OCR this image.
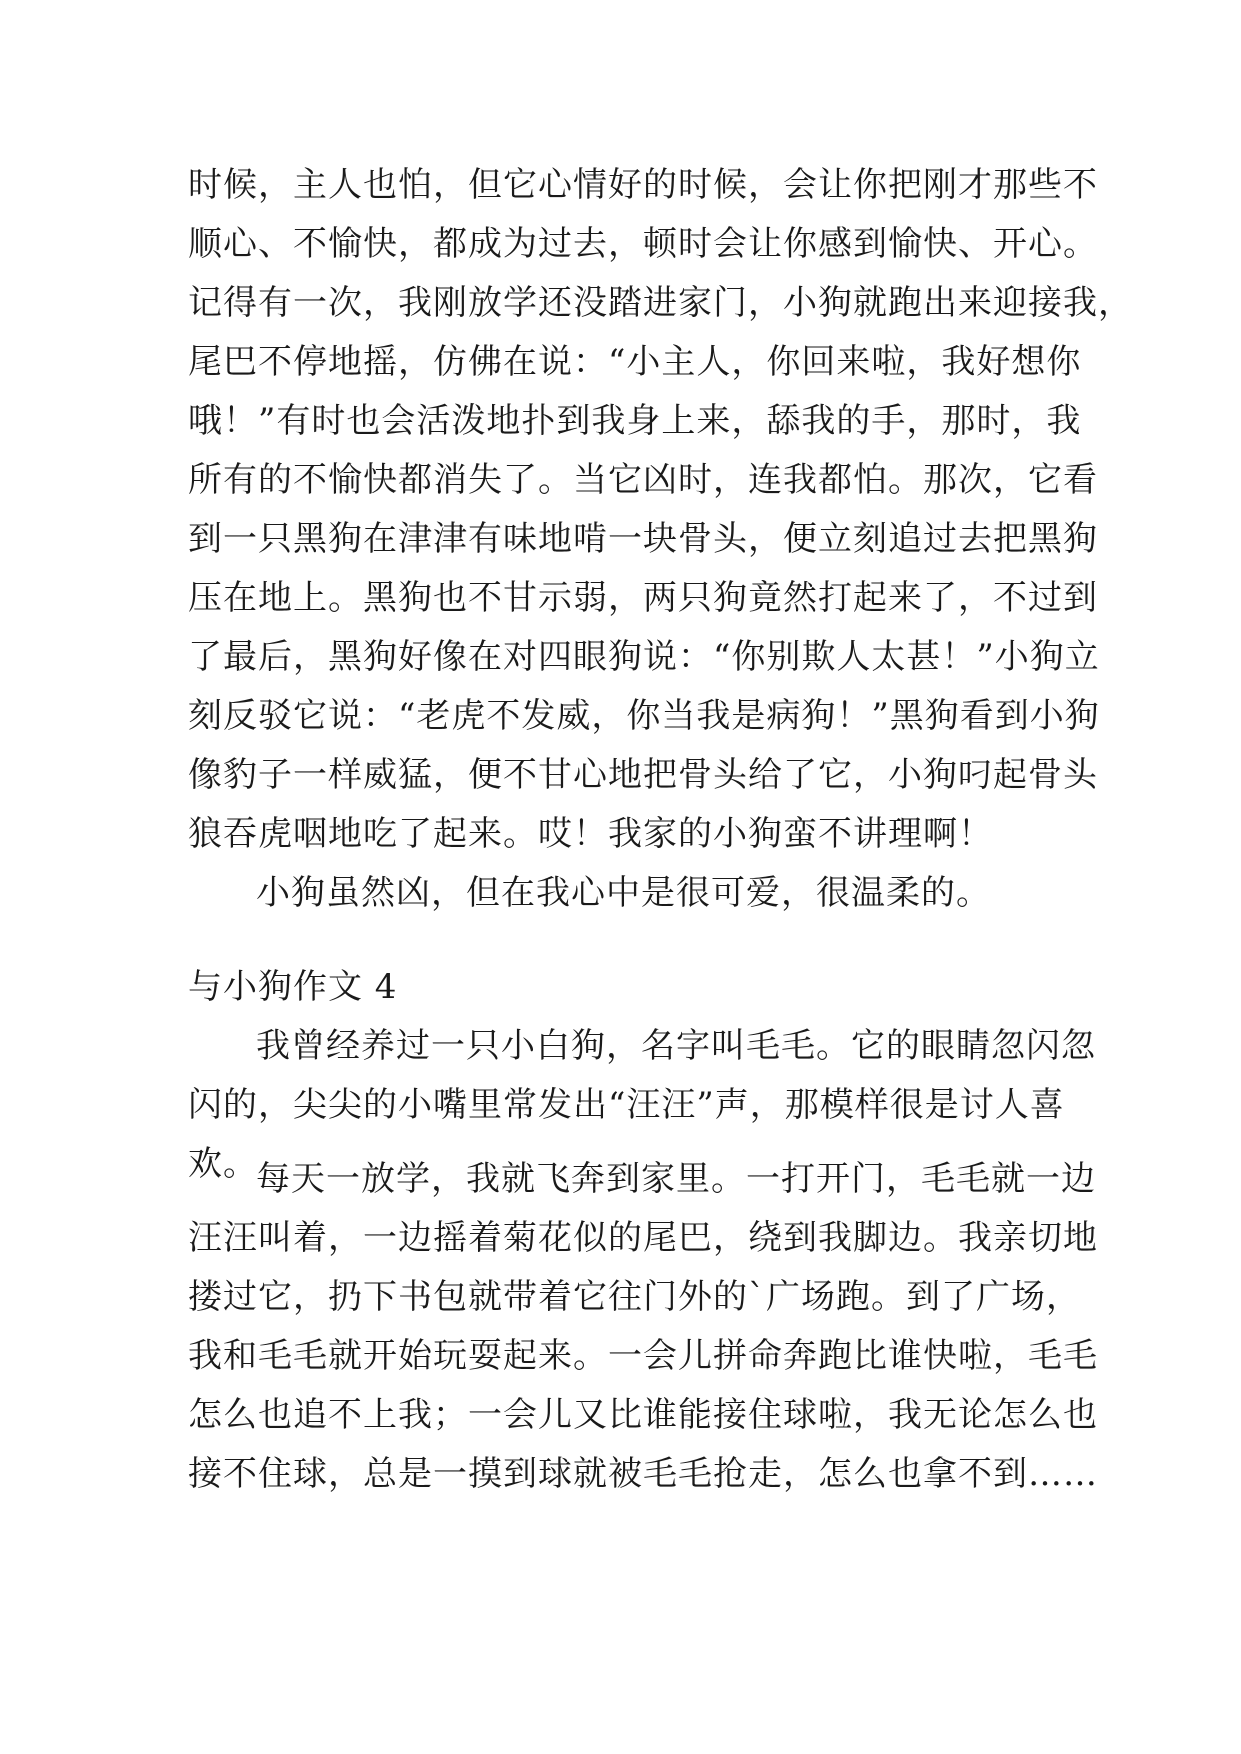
时候，主人也怕，但它心情好的时候，会让你把刚才那些不
顺心、不愉快，都成为过去，顿时会让你感到愉快、开心。
记得有一次，我刚放学还没踏进家门，小狗就跑出来迎接我，
尾巴不停地摇，仿佛在说：“小主人，你回来啦，我好想你
哦！”有时也会活泼地扑到我身上来，舔我的手，那时，我
所有的不愉快都消失了。当它凶时，连我都怕。那次，它看
到一只黑狗在津津有味地啃一块骨头，便立刻追过去把黑狗
压在地上。黑狗也不甘示弱，两只狗竟然打起来了，不过到
了最后，黑狗好像在对四眼狗说：“你别欺人太甚！”小狗立
刻反驳它说：“老虎不发威，你当我是病狗！”黑狗看到小狗
像豹子一样威猛，便不甘心地把骨头给了它，小狗叼起骨头
狼吞虎咽地吃了起来。哎！我家的小狗蛮不讲理啊！
小狗虽然凶，但在我心中是很可爱，很温柔的。
与小狗作文 4
我曾经养过一只小白狗，名字叫毛毛。它的眼睛忽闪忽
闪的，尖尖的小嘴里常发出“汪汪”声，那模样很是讨人喜
欢。
每天一放学，我就飞奔到家里。一打开门，毛毛就一边
汪汪叫着，一边摇着菊花似的尾巴，绕到我脚边。我亲切地
搂过它，扔下书包就带着它往门外的`广场跑。到了广场，
我和毛毛就开始玩耍起来。一会儿拼命奔跑比谁快啦，毛毛
怎么也追不上我；一会儿又比谁能接住球啦，我无论怎么也
接不住球，总是一摸到球就被毛毛抢走，怎么也拿不到……
